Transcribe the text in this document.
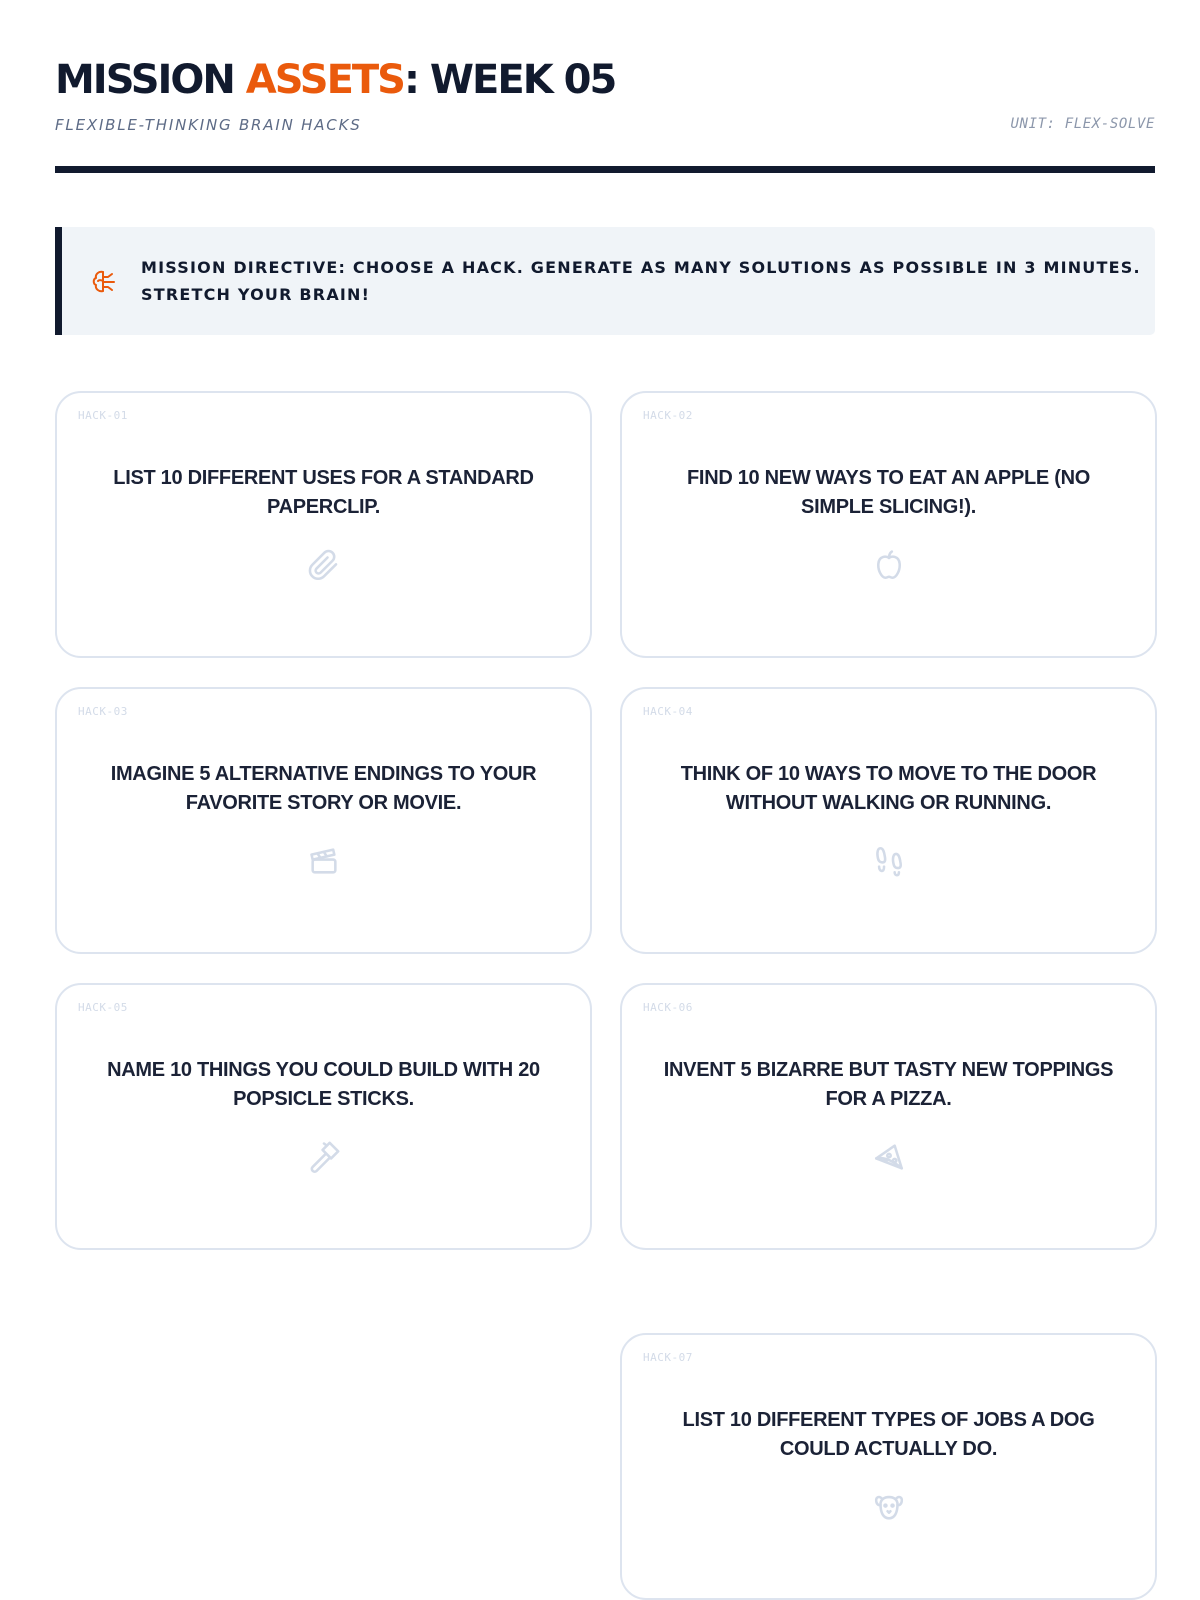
MISSION ASSETS: WEEK 05
FLEXIBLE-THINKING BRAIN HACKS	UNIT: FLEX-SOLVE
MISSION DIRECTIVE: CHOOSE A HACK. GENERATE AS MANY SOLUTIONS AS POSSIBLE IN 3 MINUTES. STRETCH YOUR BRAIN!
HACK-01
LIST 10 DIFFERENT USES FOR A STANDARD PAPERCLIP.
HACK-02
FIND 10 NEW WAYS TO EAT AN APPLE (NO SIMPLE SLICING!).
HACK-03
IMAGINE 5 ALTERNATIVE ENDINGS TO YOUR FAVORITE STORY OR MOVIE.
HACK-04
THINK OF 10 WAYS TO MOVE TO THE DOOR WITHOUT WALKING OR RUNNING.
HACK-05
NAME 10 THINGS YOU COULD BUILD WITH 20 POPSICLE STICKS.
HACK-06
INVENT 5 BIZARRE BUT TASTY NEW TOPPINGS FOR A PIZZA.
HACK-07
LIST 10 DIFFERENT TYPES OF JOBS A DOG COULD ACTUALLY DO.
